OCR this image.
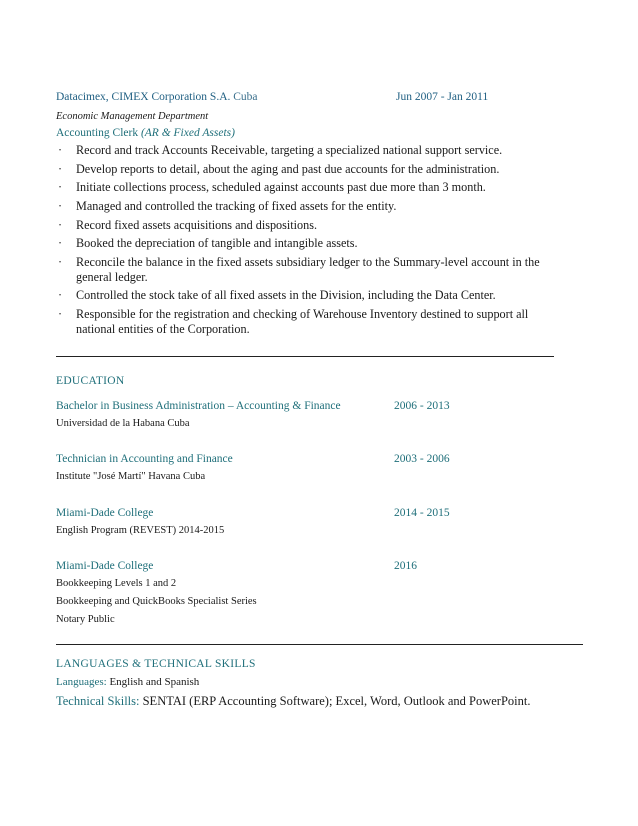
Datacimex, CIMEX Corporation S.A. Cuba	Jun 2007 - Jan 2011
Economic Management Department
Accounting Clerk (AR & Fixed Assets)
· Record and track Accounts Receivable, targeting a specialized national support service.
· Develop reports to detail, about the aging and past due accounts for the administration.
· Initiate collections process, scheduled against accounts past due more than 3 month.
· Managed and controlled the tracking of fixed assets for the entity.
· Record fixed assets acquisitions and dispositions.
· Booked the depreciation of tangible and intangible assets.
· Reconcile the balance in the fixed assets subsidiary ledger to the Summary-level account in the general ledger.
· Controlled the stock take of all fixed assets in the Division, including the Data Center.
· Responsible for the registration and checking of Warehouse Inventory destined to support all national entities of the Corporation.
EDUCATION
Bachelor in Business Administration – Accounting & Finance	2006 - 2013
Universidad de la Habana Cuba
Technician in Accounting and Finance	2003 - 2006
Institute "José Martí" Havana Cuba
Miami-Dade College	2014 - 2015
English Program (REVEST) 2014-2015
Miami-Dade College	2016
Bookkeeping Levels 1 and 2
Bookkeeping and QuickBooks Specialist Series
Notary Public
LANGUAGES & TECHNICAL SKILLS
Languages: English and Spanish
Technical Skills: SENTAI (ERP Accounting Software); Excel, Word, Outlook and PowerPoint.
